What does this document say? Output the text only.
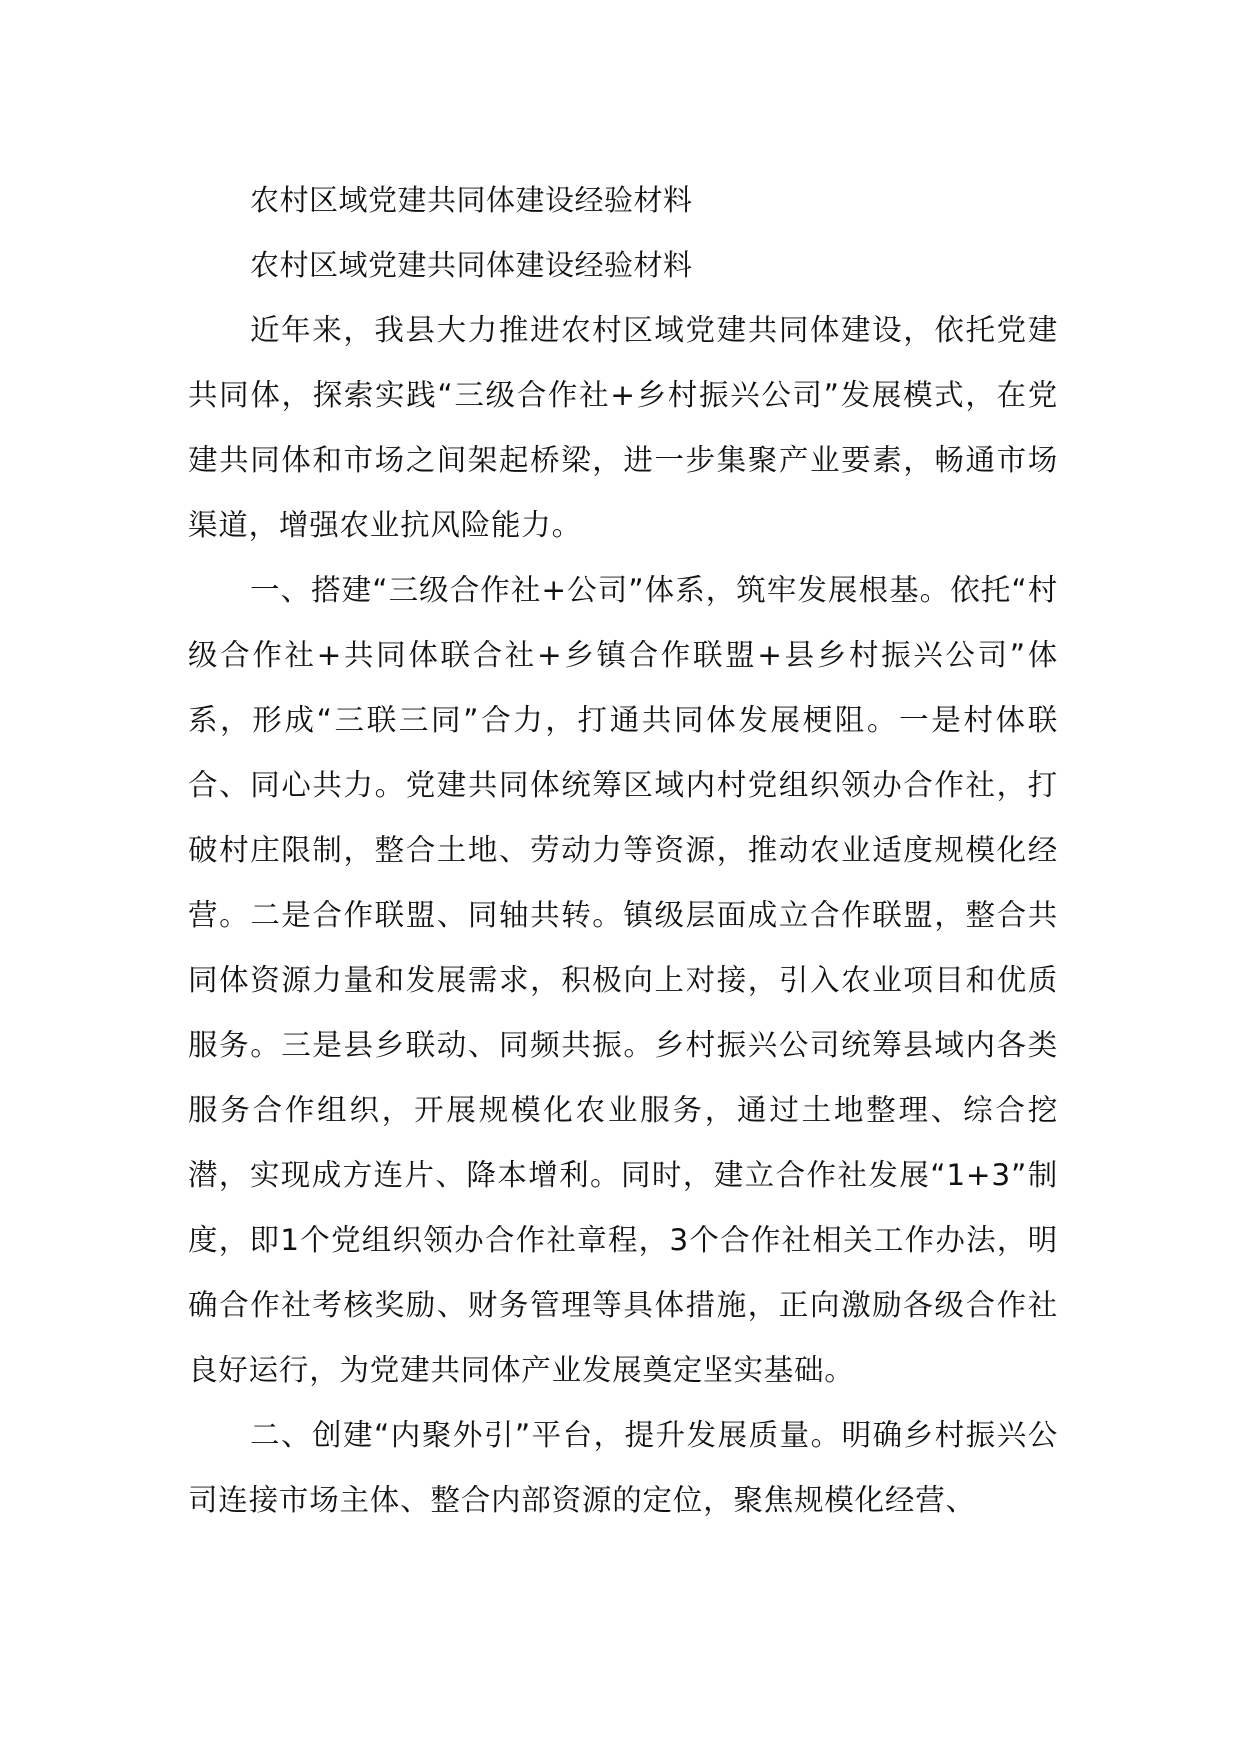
农村区域党建共同体建设经验材料
农村区域党建共同体建设经验材料

近年来，我县大力推进农村区域党建共同体建设，依托党建共同体，探索实践“三级合作社+乡村振兴公司”发展模式，在党建共同体和市场之间架起桥梁，进一步集聚产业要素，畅通市场渠道，增强农业抗风险能力。

一、搭建“三级合作社+公司”体系，筑牢发展根基。依托“村级合作社+共同体联合社+乡镇合作联盟+县乡村振兴公司”体系，形成“三联三同”合力，打通共同体发展梗阻。一是村体联合、同心共力。党建共同体统筹区域内村党组织领办合作社，打破村庄限制，整合土地、劳动力等资源，推动农业适度规模化经营。二是合作联盟、同轴共转。镇级层面成立合作联盟，整合共同体资源力量和发展需求，积极向上对接，引入农业项目和优质服务。三是县乡联动、同频共振。乡村振兴公司统筹县域内各类服务合作组织，开展规模化农业服务，通过土地整理、综合挖潜，实现成方连片、降本增利。同时，建立合作社发展“1+3”制度，即1个党组织领办合作社章程，3个合作社相关工作办法，明确合作社考核奖励、财务管理等具体措施，正向激励各级合作社良好运行，为党建共同体产业发展奠定坚实基础。

二、创建“内聚外引”平台，提升发展质量。明确乡村振兴公司连接市场主体、整合内部资源的定位，聚焦规模化经营、
